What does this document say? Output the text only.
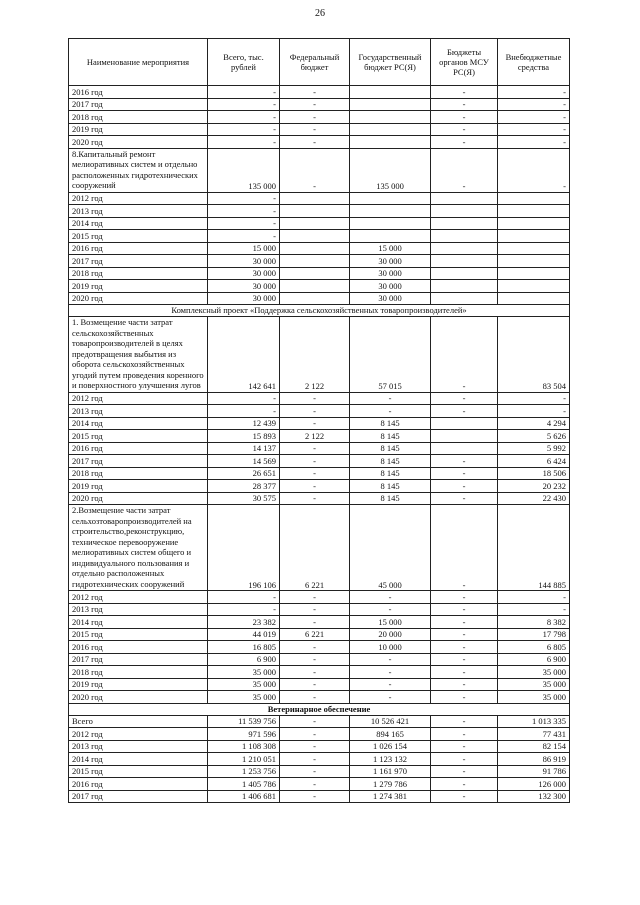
26
Наименование мероприятия	Всего, тыс. рублей	Федеральный бюджет	Государственный бюджет РС(Я)	Бюджеты органов МСУ РС(Я)	Внебюджетные средства
2016 год	-	-		-	-
2017 год	-	-		-	-
2018 год	-	-		-	-
2019 год	-	-		-	-
2020 год	-	-		-	-
8.Капитальный ремонт мелиоративных систем и отдельно расположенных гидротехнических сооружений	135 000	-	135 000	-	-
2012 год	-				
2013 год	-				
2014 год	-				
2015 год	-				
2016 год	15 000		15 000		
2017 год	30 000		30 000		
2018 год	30 000		30 000		
2019 год	30 000		30 000		
2020 год	30 000		30 000		
Комплексный проект «Поддержка сельскохозяйственных товаропроизводителей»					
1. Возмещение части затрат сельскохозяйственных товаропроизводителей в целях предотвращения выбытия из оборота сельскохозяйственных угодий путем проведения коренного и поверхностного улучшения лугов	142 641	2 122	57 015	-	83 504
2012 год	-	-	-	-	-
2013 год	-	-	-	-	-
2014 год	12 439	-	8 145		4 294
2015 год	15 893	2 122	8 145		5 626
2016 год	14 137	-	8 145		5 992
2017 год	14 569	-	8 145	-	6 424
2018 год	26 651	-	8 145	-	18 506
2019 год	28 377	-	8 145	-	20 232
2020 год	30 575	-	8 145	-	22 430
2.Возмещение части затрат сельхозтоваропроизводителей на строительство,реконструкцию, техническое перевооружение мелиоративных систем общего и индивидуального пользования и отдельно расположенных гидротехнических сооружений	196 106	6 221	45 000	-	144 885
2012 год	-	-	-	-	-
2013 год	-	-	-	-	-
2014 год	23 382	-	15 000	-	8 382
2015 год	44 019	6 221	20 000	-	17 798
2016 год	16 805	-	10 000	-	6 805
2017 год	6 900	-	-	-	6 900
2018 год	35 000	-	-	-	35 000
2019 год	35 000	-	-	-	35 000
2020 год	35 000	-	-	-	35 000
Ветеринарное обеспечение					
Всего	11 539 756	-	10 526 421	-	1 013 335
2012 год	971 596	-	894 165	-	77 431
2013 год	1 108 308	-	1 026 154	-	82 154
2014 год	1 210 051	-	1 123 132	-	86 919
2015 год	1 253 756	-	1 161 970	-	91 786
2016 год	1 405 786	-	1 279 786	-	126 000
2017 год	1 406 681	-	1 274 381	-	132 300
